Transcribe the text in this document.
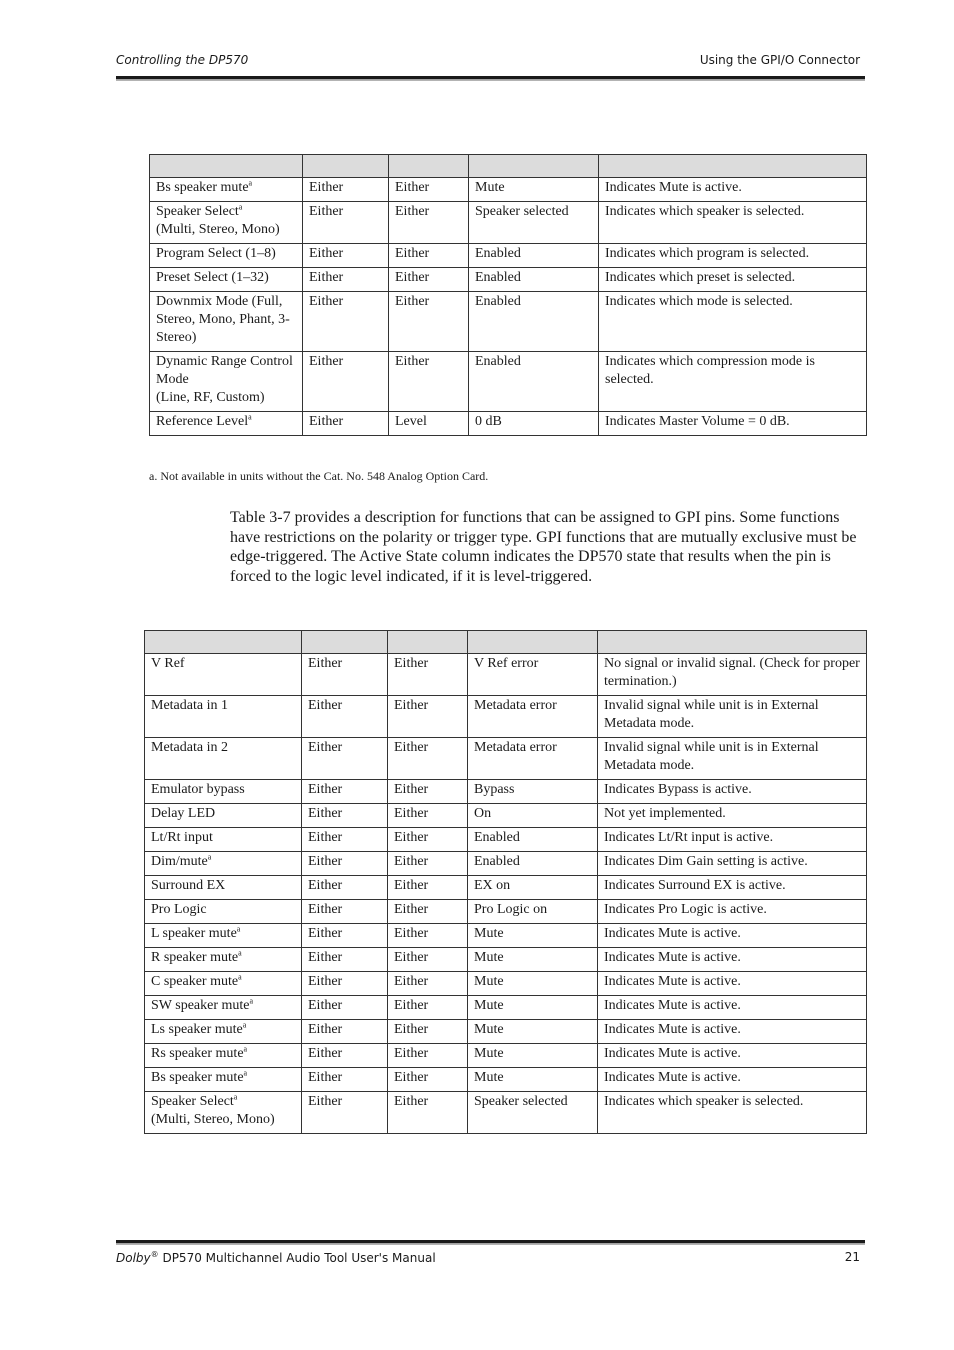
Controlling the DP570	Using the GPI/O Connector

Bs speaker mute$^a$	Either	Either	Mute	Indicates Mute is active.
Speaker Select$^a$
(Multi, Stereo, Mono)	Either	Either	Speaker selected	Indicates which speaker is selected.
Program Select (1–8)	Either	Either	Enabled	Indicates which program is selected.
Preset Select (1–32)	Either	Either	Enabled	Indicates which preset is selected.
Downmix Mode (Full, Stereo, Mono, Phant, 3-Stereo)	Either	Either	Enabled	Indicates which mode is selected.
Dynamic Range Control Mode
(Line, RF, Custom)	Either	Either	Enabled	Indicates which compression mode is selected.
Reference Level$^a$	Either	Level	0 dB	Indicates Master Volume = 0 dB.
a. Not available in units without the Cat. No. 548 Analog Option Card.
Table 3-7 provides a description for functions that can be assigned to GPI pins. Some functions have restrictions on the polarity or trigger type. GPI functions that are mutually exclusive must be edge-triggered. The Active State column indicates the DP570 state that results when the pin is forced to the logic level indicated, if it is level-triggered.

V Ref	Either	Either	V Ref error	No signal or invalid signal. (Check for proper termination.)
Metadata in 1	Either	Either	Metadata error	Invalid signal while unit is in External Metadata mode.
Metadata in 2	Either	Either	Metadata error	Invalid signal while unit is in External Metadata mode.
Emulator bypass	Either	Either	Bypass	Indicates Bypass is active.
Delay LED	Either	Either	On	Not yet implemented.
Lt/Rt input	Either	Either	Enabled	Indicates Lt/Rt input is active.
Dim/mute$^a$	Either	Either	Enabled	Indicates Dim Gain setting is active.
Surround EX	Either	Either	EX on	Indicates Surround EX is active.
Pro Logic	Either	Either	Pro Logic on	Indicates Pro Logic is active.
L speaker mute$^a$	Either	Either	Mute	Indicates Mute is active.
R speaker mute$^a$	Either	Either	Mute	Indicates Mute is active.
C speaker mute$^a$	Either	Either	Mute	Indicates Mute is active.
SW speaker mute$^a$	Either	Either	Mute	Indicates Mute is active.
Ls speaker mute$^a$	Either	Either	Mute	Indicates Mute is active.
Rs speaker mute$^a$	Either	Either	Mute	Indicates Mute is active.
Bs speaker mute$^a$	Either	Either	Mute	Indicates Mute is active.
Speaker Select$^a$
(Multi, Stereo, Mono)	Either	Either	Speaker selected	Indicates which speaker is selected.
Dolby® DP570 Multichannel Audio Tool User's Manual	21
